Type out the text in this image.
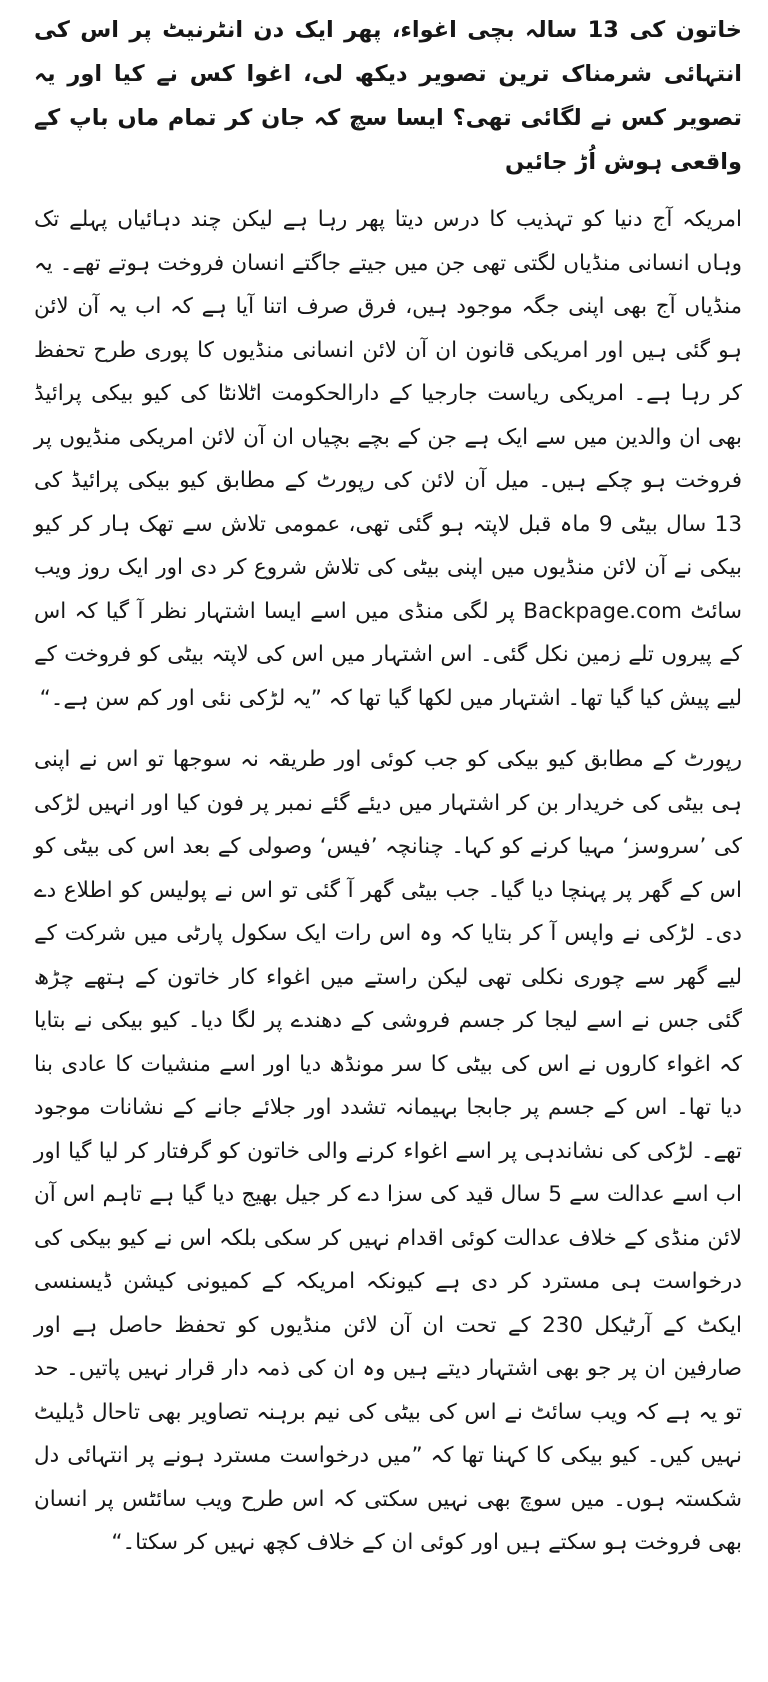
خاتون کی 13 سالہ بچی اغواء، پھر ایک دن انٹرنیٹ پر اس کی انتہائی شرمناک ترین تصویر دیکھ لی، اغوا کس نے کیا اور یہ تصویر کس نے لگائی تھی؟ ایسا سچ کہ جان کر تمام ماں باپ کے واقعی ہوش اُڑ جائیں

امریکہ آج دنیا کو تہذیب کا درس دیتا پھر رہا ہے لیکن چند دہائیاں پہلے تک وہاں انسانی منڈیاں لگتی تھی جن میں جیتے جاگتے انسان فروخت ہوتے تھے۔ یہ منڈیاں آج بھی اپنی جگہ موجود ہیں، فرق صرف اتنا آیا ہے کہ اب یہ آن لائن ہو گئی ہیں اور امریکی قانون ان آن لائن انسانی منڈیوں کا پوری طرح تحفظ کر رہا ہے۔ امریکی ریاست جارجیا کے دارالحکومت اٹلانٹا کی کیو بیکی پرائیڈ بھی ان والدین میں سے ایک ہے جن کے بچے بچیاں ان آن لائن امریکی منڈیوں پر فروخت ہو چکے ہیں۔ میل آن لائن کی رپورٹ کے مطابق کیو بیکی پرائیڈ کی 13 سال بیٹی 9 ماہ قبل لاپتہ ہو گئی تھی، عمومی تلاش سے تھک ہار کر کیو بیکی نے آن لائن منڈیوں میں اپنی بیٹی کی تلاش شروع کر دی اور ایک روز ویب سائٹ Backpage.com پر لگی منڈی میں اسے ایسا اشتہار نظر آ گیا کہ اس کے پیروں تلے زمین نکل گئی۔ اس اشتہار میں اس کی لاپتہ بیٹی کو فروخت کے لیے پیش کیا گیا تھا۔ اشتہار میں لکھا گیا تھا کہ ”یہ لڑکی نئی اور کم سن ہے۔“

رپورٹ کے مطابق کیو بیکی کو جب کوئی اور طریقہ نہ سوجھا تو اس نے اپنی ہی بیٹی کی خریدار بن کر اشتہار میں دیئے گئے نمبر پر فون کیا اور انہیں لڑکی کی ’سروسز‘ مہیا کرنے کو کہا۔ چنانچہ ’فیس‘ وصولی کے بعد اس کی بیٹی کو اس کے گھر پر پہنچا دیا گیا۔ جب بیٹی گھر آ گئی تو اس نے پولیس کو اطلاع دے دی۔ لڑکی نے واپس آ کر بتایا کہ وہ اس رات ایک سکول پارٹی میں شرکت کے لیے گھر سے چوری نکلی تھی لیکن راستے میں اغواء کار خاتون کے ہتھے چڑھ گئی جس نے اسے لیجا کر جسم فروشی کے دھندے پر لگا دیا۔ کیو بیکی نے بتایا کہ اغواء کاروں نے اس کی بیٹی کا سر مونڈھ دیا اور اسے منشیات کا عادی بنا دیا تھا۔ اس کے جسم پر جابجا بہیمانہ تشدد اور جلائے جانے کے نشانات موجود تھے۔ لڑکی کی نشاندہی پر اسے اغواء کرنے والی خاتون کو گرفتار کر لیا گیا اور اب اسے عدالت سے 5 سال قید کی سزا دے کر جیل بھیج دیا گیا ہے تاہم اس آن لائن منڈی کے خلاف عدالت کوئی اقدام نہیں کر سکی بلکہ اس نے کیو بیکی کی درخواست ہی مسترد کر دی ہے کیونکہ امریکہ کے کمیونی کیشن ڈیسنسی ایکٹ کے آرٹیکل 230 کے تحت ان آن لائن منڈیوں کو تحفظ حاصل ہے اور صارفین ان پر جو بھی اشتہار دیتے ہیں وہ ان کی ذمہ دار قرار نہیں پاتیں۔ حد تو یہ ہے کہ ویب سائٹ نے اس کی بیٹی کی نیم برہنہ تصاویر بھی تاحال ڈیلیٹ نہیں کیں۔ کیو بیکی کا کہنا تھا کہ ”میں درخواست مسترد ہونے پر انتہائی دل شکستہ ہوں۔ میں سوچ بھی نہیں سکتی کہ اس طرح ویب سائٹس پر انسان بھی فروخت ہو سکتے ہیں اور کوئی ان کے خلاف کچھ نہیں کر سکتا۔“
